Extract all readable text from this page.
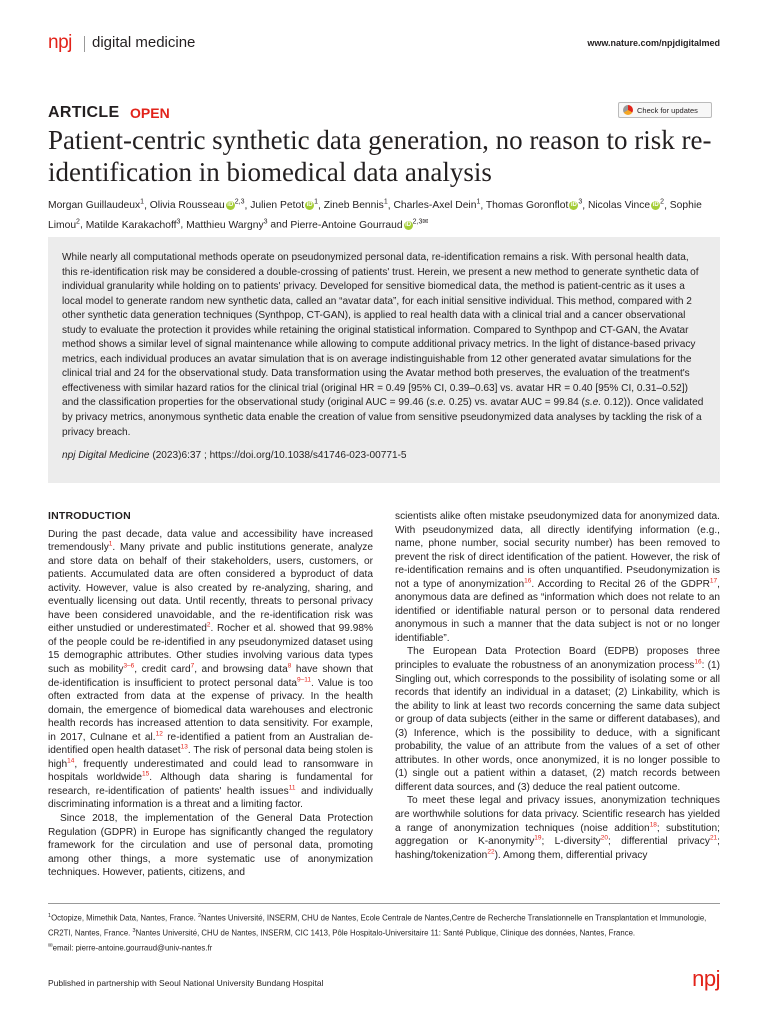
npj digital medicine	www.nature.com/npjdigitalmed
ARTICLE OPEN	Check for updates
Patient-centric synthetic data generation, no reason to risk re-identification in biomedical data analysis
Morgan Guillaudeux$^1$, Olivia Rousseau iD $^{2,3}$, Julien Petot iD $^1$, Zineb Bennis$^1$, Charles-Axel Dein$^1$, Thomas Goronflot iD $^3$, Nicolas Vince iD $^2$, Sophie Limou$^2$, Matilde Karakachoff$^3$, Matthieu Wargny$^3$ and Pierre-Antoine Gourraud iD $^{2,3✉}$

While nearly all computational methods operate on pseudonymized personal data, re-identification remains a risk. With personal health data, this re-identification risk may be considered a double-crossing of patients' trust. Herein, we present a new method to generate synthetic data of individual granularity while holding on to patients' privacy. Developed for sensitive biomedical data, the method is patient-centric as it uses a local model to generate random new synthetic data, called an “avatar data”, for each initial sensitive individual. This method, compared with 2 other synthetic data generation techniques (Synthpop, CT-GAN), is applied to real health data with a clinical trial and a cancer observational study to evaluate the protection it provides while retaining the original statistical information. Compared to Synthpop and CT-GAN, the Avatar method shows a similar level of signal maintenance while allowing to compute additional privacy metrics. In the light of distance-based privacy metrics, each individual produces an avatar simulation that is on average indistinguishable from 12 other generated avatar simulations for the clinical trial and 24 for the observational study. Data transformation using the Avatar method both preserves, the evaluation of the treatment's effectiveness with similar hazard ratios for the clinical trial (original HR = 0.49 [95% CI, 0.39–0.63] vs. avatar HR = 0.40 [95% CI, 0.31–0.52]) and the classification properties for the observational study (original AUC = 99.46 (s.e. 0.25) vs. avatar AUC = 99.84 (s.e. 0.12)). Once validated by privacy metrics, anonymous synthetic data enable the creation of value from sensitive pseudonymized data analyses by tackling the risk of a privacy breach.

npj Digital Medicine (2023)6:37 ; https://doi.org/10.1038/s41746-023-00771-5

INTRODUCTION

During the past decade, data value and accessibility have increased tremendously$^1$. Many private and public institutions generate, analyze and store data on behalf of their stakeholders, users, customers, or patients. Accumulated data are often considered a byproduct of data activity. However, value is also created by re-analyzing, sharing, and eventually licensing out data. Until recently, threats to personal privacy have been considered unavoidable, and the re-identification risk was either unstudied or underestimated$^2$. Rocher et al. showed that 99.98% of the people could be re-identified in any pseudonymized dataset using 15 demographic attributes. Other studies involving various data types such as mobility$^{3-6}$, credit card$^7$, and browsing data$^8$ have shown that de-identification is insufficient to protect personal data$^{9-11}$. Value is too often extracted from data at the expense of privacy. In the health domain, the emergence of biomedical data warehouses and electronic health records has increased attention to data sensitivity. For example, in 2017, Culnane et al.$^{12}$ re-identified a patient from an Australian de-identified open health dataset$^{13}$. The risk of personal data being stolen is high$^{14}$, frequently underestimated and could lead to ransomware in hospitals worldwide$^{15}$. Although data sharing is fundamental for research, re-identification of patients' health issues$^{11}$ and individually discriminating information is a threat and a limiting factor.

Since 2018, the implementation of the General Data Protection Regulation (GDPR) in Europe has significantly changed the regulatory framework for the circulation and use of personal data, promoting among other things, a more systematic use of anonymization techniques. However, patients, citizens, and

scientists alike often mistake pseudonymized data for anonymized data. With pseudonymized data, all directly identifying information (e.g., name, phone number, social security number) has been removed to prevent the risk of direct identification of the patient. However, the risk of re-identification remains and is often unquantified. Pseudonymization is not a type of anonymization$^{16}$. According to Recital 26 of the GDPR$^{17}$, anonymous data are defined as “information which does not relate to an identified or identifiable natural person or to personal data rendered anonymous in such a manner that the data subject is not or no longer identifiable”.

The European Data Protection Board (EDPB) proposes three principles to evaluate the robustness of an anonymization process$^{16}$: (1) Singling out, which corresponds to the possibility of isolating some or all records that identify an individual in a dataset; (2) Linkability, which is the ability to link at least two records concerning the same data subject or group of data subjects (either in the same or different databases), and (3) Inference, which is the possibility to deduce, with a significant probability, the value of an attribute from the values of a set of other attributes. In other words, once anonymized, it is no longer possible to (1) single out a patient within a dataset, (2) match records between different data sources, and (3) deduce the real patient outcome.

To meet these legal and privacy issues, anonymization techniques are worthwhile solutions for data privacy. Scientific research has yielded a range of anonymization techniques (noise addition$^{18}$; substitution; aggregation or K-anonymity$^{19}$; L-diversity$^{20}$; differential privacy$^{21}$; hashing/tokenization$^{22}$). Among them, differential privacy

$^1$Octopize, Mimethik Data, Nantes, France. $^2$Nantes Université, INSERM, CHU de Nantes, Ecole Centrale de Nantes,Centre de Recherche Translationnelle en Transplantation et Immunologie, CR2TI, Nantes, France. $^3$Nantes Université, CHU de Nantes, INSERM, CIC 1413, Pôle Hospitalo-Universitaire 11: Santé Publique, Clinique des données, Nantes, France.
✉email: pierre-antoine.gourraud@univ-nantes.fr
Published in partnership with Seoul National University Bundang Hospital	npj
